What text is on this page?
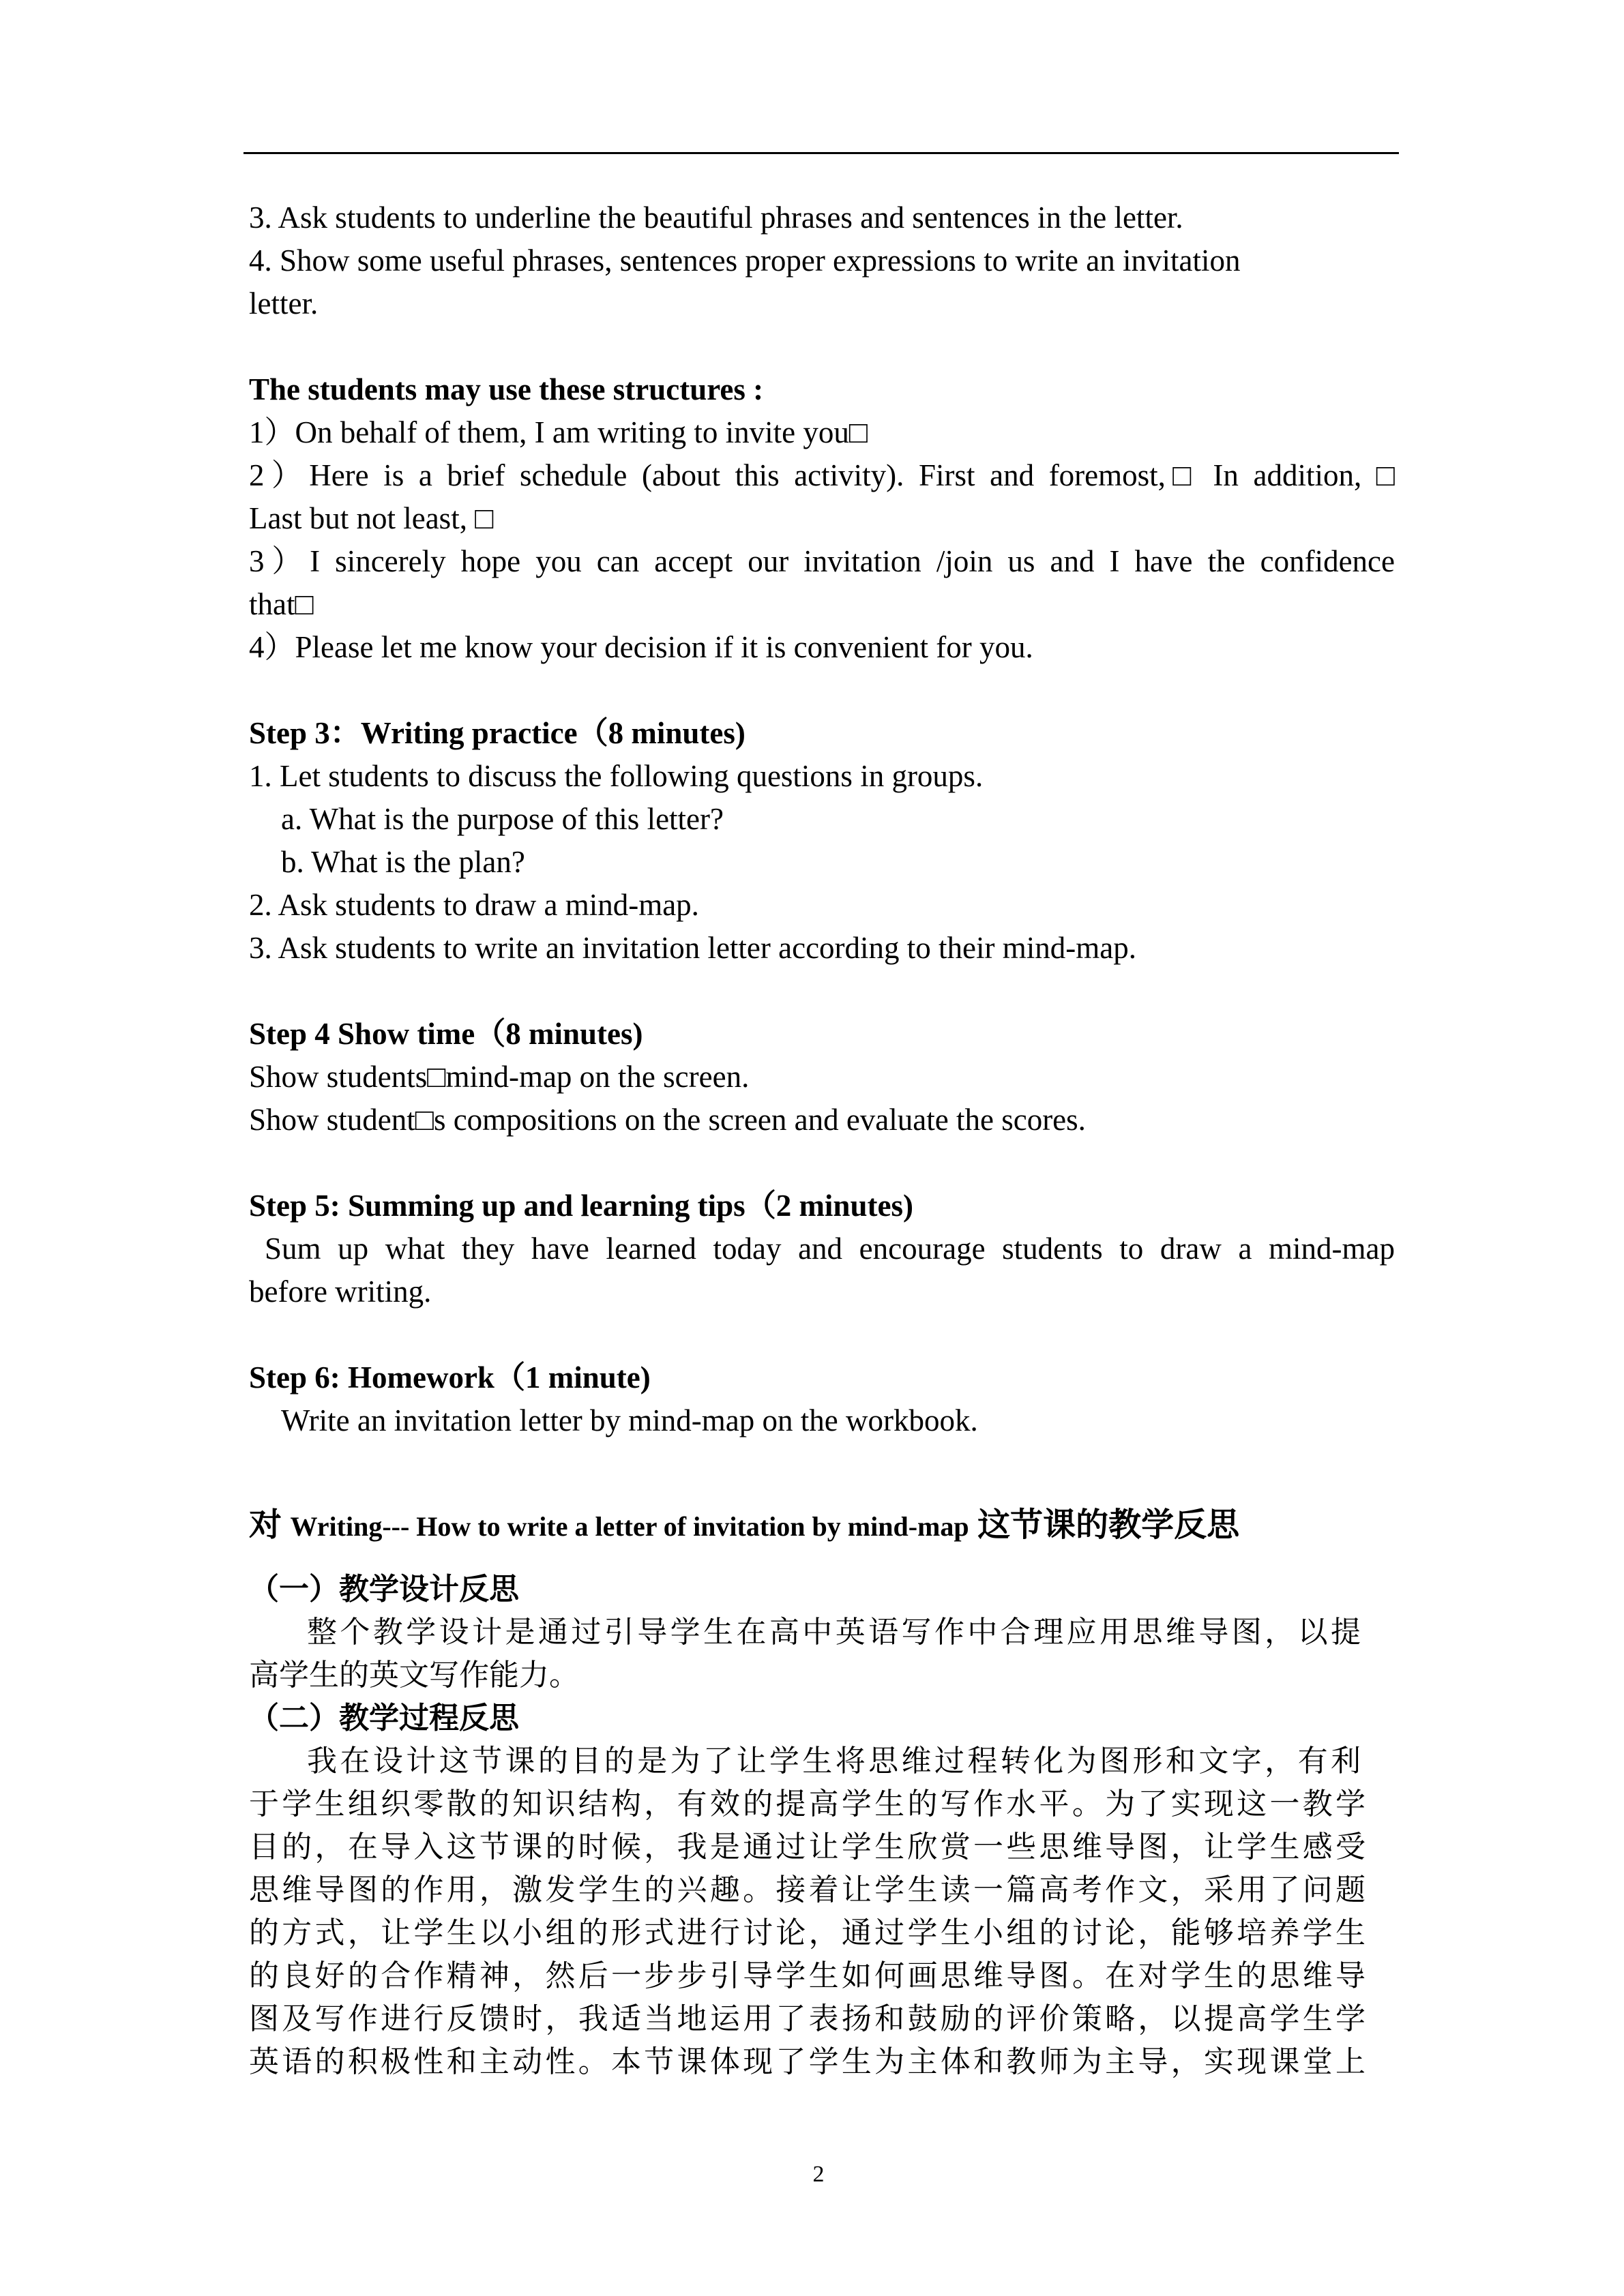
3. Ask students to underline the beautiful phrases and sentences in the letter.
4. Show some useful phrases, sentences proper expressions to write an invitation
letter.
The students may use these structures :
1）On behalf of them, I am writing to invite you□
2）Here is a brief schedule (about this activity). First and foremost,□ In addition, □
Last but not least, □
3）I sincerely hope you can accept our invitation /join us and I have the confidence
that□
4）Please let me know your decision if it is convenient for you.
Step 3：Writing practice（8 minutes)
1. Let students to discuss the following questions in groups.
a. What is the purpose of this letter?
b. What is the plan?
2. Ask students to draw a mind-map.
3. Ask students to write an invitation letter according to their mind-map.
Step 4 Show time（8 minutes)
Show students□mind-map on the screen.
Show student□s compositions on the screen and evaluate the scores.
Step 5: Summing up and learning tips（2 minutes)
Sum up what they have learned today and encourage students to draw a mind-map
before writing.
Step 6: Homework（1 minute)
Write an invitation letter by mind-map on the workbook.
对 Writing--- How to write a letter of invitation by mind-map 这节课的教学反思
（一）教学设计反思
整个教学设计是通过引导学生在高中英语写作中合理应用思维导图，以提
高学生的英文写作能力。
（二）教学过程反思
我在设计这节课的目的是为了让学生将思维过程转化为图形和文字，有利
于学生组织零散的知识结构，有效的提高学生的写作水平。为了实现这一教学
目的，在导入这节课的时候，我是通过让学生欣赏一些思维导图，让学生感受
思维导图的作用，激发学生的兴趣。接着让学生读一篇高考作文，采用了问题
的方式，让学生以小组的形式进行讨论，通过学生小组的讨论，能够培养学生
的良好的合作精神，然后一步步引导学生如何画思维导图。在对学生的思维导
图及写作进行反馈时，我适当地运用了表扬和鼓励的评价策略，以提高学生学
英语的积极性和主动性。本节课体现了学生为主体和教师为主导，实现课堂上
2
